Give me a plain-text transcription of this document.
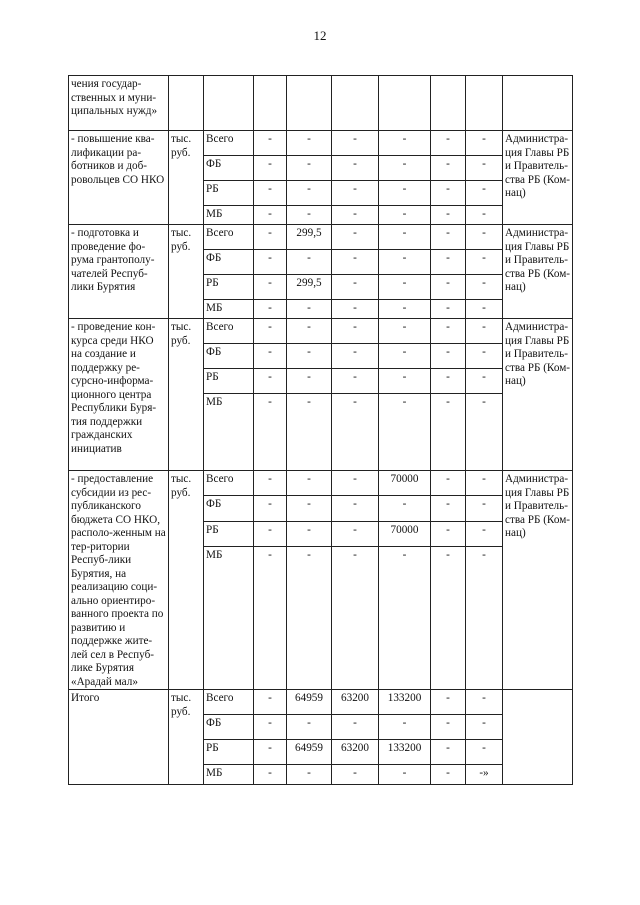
12
чения государ-ственных и муни-ципальных нужд»									
- повышение ква-лификации ра-ботников и доб-ровольцев СО НКО	тыс. руб.	Всего	-	-	-	-	-	-	Администра-ция Главы РБ и Правитель-ства РБ (Ком-нац)
		ФБ	-	-	-	-	-	-	
		РБ	-	-	-	-	-	-	
		МБ	-	-	-	-	-	-	
- подготовка и проведение фо-рума грантополу-чателей Респуб-лики Бурятия	тыс. руб.	Всего	-	299,5	-	-	-	-	Администра-ция Главы РБ и Правитель-ства РБ (Ком-нац)
		ФБ	-	-	-	-	-	-	
		РБ	-	299,5	-	-	-	-	
		МБ	-	-	-	-	-	-	
- проведение кон-курса среди НКО на создание и поддержку ре-сурсно-информа-ционного центра Республики Буря-тия поддержки гражданских инициатив	тыс. руб.	Всего	-	-	-	-	-	-	Администра-ция Главы РБ и Правитель-ства РБ (Ком-нац)
		ФБ	-	-	-	-	-	-	
		РБ	-	-	-	-	-	-	
		МБ	-	-	-	-	-	-	
- предоставление субсидии из рес-публиканского бюджета СО НКО, располо-женным на тер-ритории Респуб-лики Бурятия, на реализацию соци-ально ориентиро-ванного проекта по развитию и поддержке жите-лей сел в Респуб-лике Бурятия «Арадай мал»	тыс. руб.	Всего	-	-	-	70000	-	-	Администра-ция Главы РБ и Правитель-ства РБ (Ком-нац)
		ФБ	-	-	-	-	-	-	
		РБ	-	-	-	70000	-	-	
		МБ	-	-	-	-	-	-	
Итого	тыс. руб.	Всего	-	64959	63200	133200	-	-	
		ФБ	-	-	-	-	-	-	
		РБ	-	64959	63200	133200	-	-	
		МБ	-	-	-	-	-	-»	
